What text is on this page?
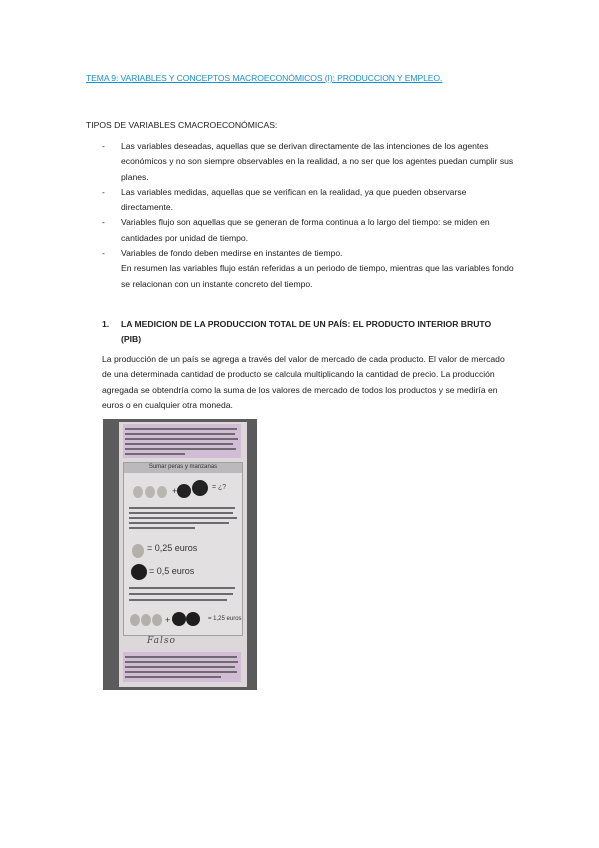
TEMA 9: VARIABLES Y CONCEPTOS MACROECONÓMICOS (I): PRODUCCION Y EMPLEO.
TIPOS DE VARIABLES CMACROECONÓMICAS:
- Las variables deseadas, aquellas que se derivan directamente de las intenciones de los agentes económicos y no son siempre observables en la realidad, a no ser que los agentes puedan cumplir sus planes.
- Las variables medidas, aquellas que se verifican en la realidad, ya que pueden observarse directamente.
- Variables flujo son aquellas que se generan de forma continua a lo largo del tiempo: se miden en cantidades por unidad de tiempo.
- Variables de fondo deben medirse en instantes de tiempo.
En resumen las variables flujo están referidas a un periodo de tiempo, mientras que las variables fondo se relacionan con un instante concreto del tiempo.
1.	LA MEDICION DE LA PRODUCCION TOTAL DE UN PAÍS: EL PRODUCTO INTERIOR BRUTO (PIB)
La producción de un país se agrega a través del valor de mercado de cada producto. El valor de mercado de una determinada cantidad de producto se calcula multiplicando la cantidad de precio. La producción agregada se obtendría como la suma de los valores de mercado de todos los productos y se mediría en euros o en cualquier otra moneda.
Sumar peras y manzanas
+	= ¿?
= 0,25 euros
= 0,5 euros
+	= 1,25 euros
Falso
